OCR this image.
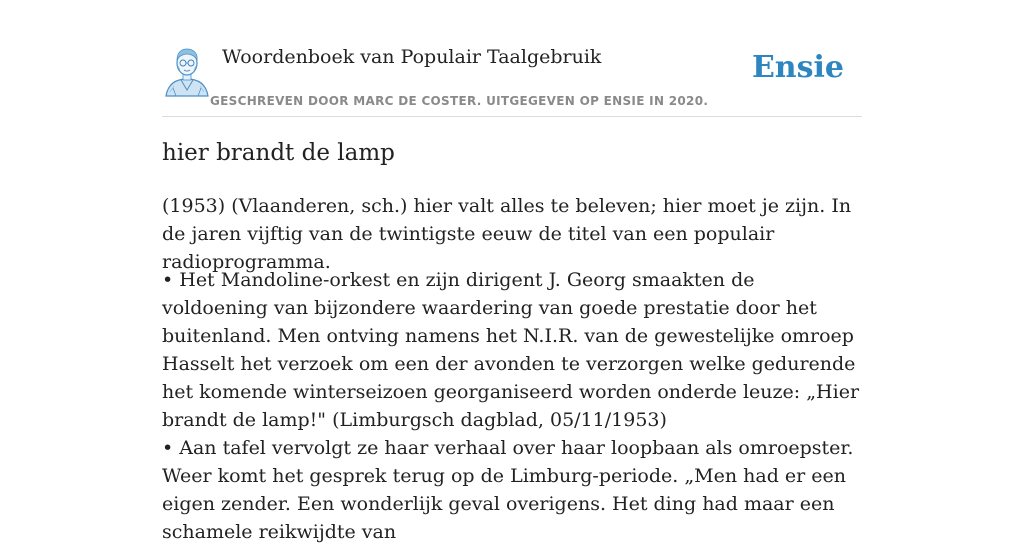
Woordenboek van Populair Taalgebruik
GESCHREVEN DOOR MARC DE COSTER. UITGEGEVEN OP ENSIE IN 2020.
Ensie
hier brandt de lamp

(1953) (Vlaanderen, sch.) hier valt alles te beleven; hier moet je zijn. In de jaren vijftig van de twintigste eeuw de titel van een populair radioprogramma.

• Het Mandoline-orkest en zijn dirigent J. Georg smaakten de voldoening van bijzondere waardering van goede prestatie door het buitenland. Men ontving namens het N.I.R. van de gewestelijke omroep Hasselt het verzoek om een der avonden te verzorgen welke gedurende het komende winterseizoen georganiseerd worden onderde leuze: „Hier brandt de lamp!" (Limburgsch dagblad, 05/11/1953)

• Aan tafel vervolgt ze haar verhaal over haar loopbaan als omroepster. Weer komt het gesprek terug op de Limburg-periode. „Men had er een eigen zender. Een wonderlijk geval overigens. Het ding had maar een schamele reikwijdte van
